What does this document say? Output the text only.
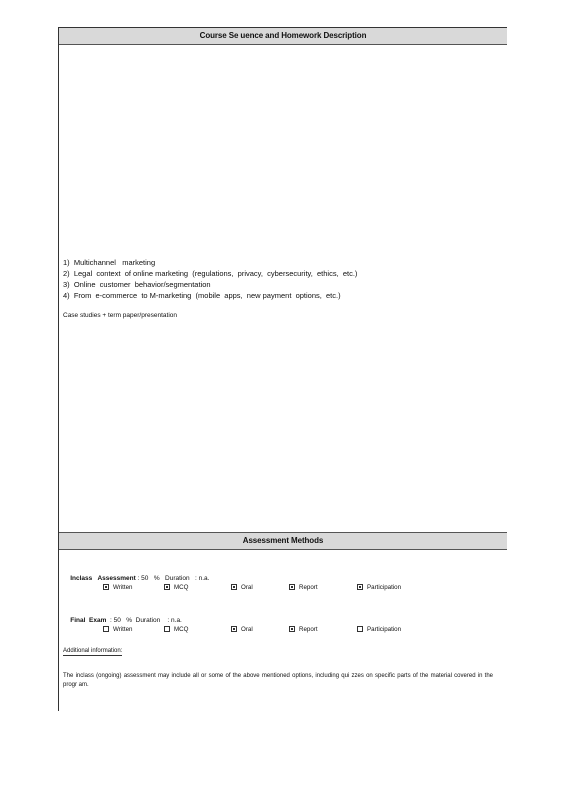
Course Se uence and Homework Description
1)  Multichannel   marketing
2)  Legal  context  of online marketing  (regulations,  privacy,  cybersecurity,  ethics,  etc.)
3)  Online  customer  behavior/segmentation
4)  From  e-commerce  to M-marketing  (mobile  apps,  new payment  options,  etc.)
Case studies + term paper/presentation
Assessment Methods

Inclass   Assessment : 50   %   Duration   : n.a.

Written	MCQ	Oral	Report	Participation

Final  Exam  : 50   %  Duration    : n.a.

Written	MCQ	Oral	Report	Participation
Additional information:
The inclass (ongoing) assessment may include all or some of the above mentioned options, including qui zzes on specific parts of the material covered in the progr am.
